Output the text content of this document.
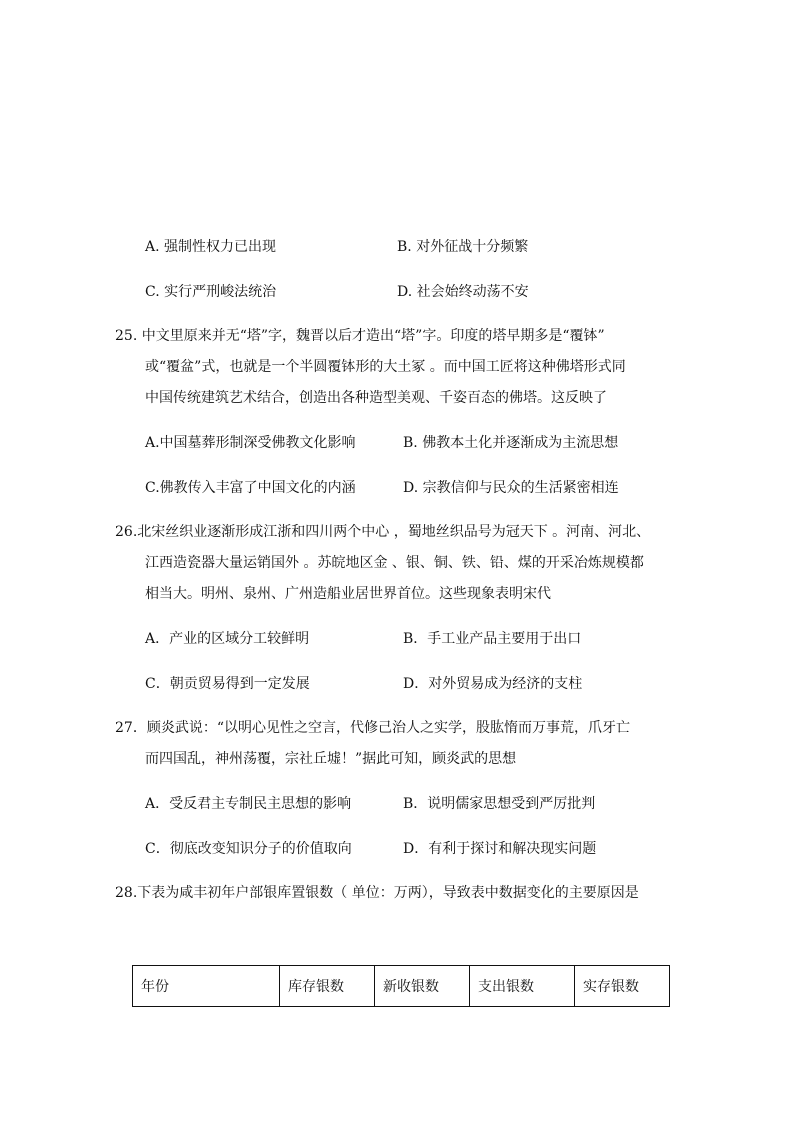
A. 强制性权力已出现	B. 对外征战十分频繁
C. 实行严刑峻法统治	D. 社会始终动荡不安
25. 中文里原来并无“塔”字，魏晋以后才造出“塔”字。印度的塔早期多是“覆钵”
或“覆盆”式，也就是一个半圆覆钵形的大土冢 。而中国工匠将这种佛塔形式同
中国传统建筑艺术结合，创造出各种造型美观、千姿百态的佛塔。这反映了
A.中国墓葬形制深受佛教文化影响	B. 佛教本土化并逐渐成为主流思想
C.佛教传入丰富了中国文化的内涵	D. 宗教信仰与民众的生活紧密相连
26.北宋丝织业逐渐形成江浙和四川两个中心 ，蜀地丝织品号为冠天下 。河南、河北、
江西造瓷器大量运销国外 。苏皖地区金 、银、铜、铁、铅、煤的开采冶炼规模都
相当大。明州、泉州、广州造船业居世界首位。这些现象表明宋代
A．产业的区域分工较鲜明	B．手工业产品主要用于出口
C．朝贡贸易得到一定发展	D．对外贸易成为经济的支柱
27．顾炎武说：“以明心见性之空言，代修己治人之实学，股肱惰而万事荒，爪牙亡
而四国乱，神州荡覆，宗社丘墟！”据此可知，顾炎武的思想
A．受反君主专制民主思想的影响	B．说明儒家思想受到严厉批判
C．彻底改变知识分子的价值取向	D．有利于探讨和解决现实问题
28.下表为咸丰初年户部银库置银数（ 单位：万两），导致表中数据变化的主要原因是
年份	库存银数	新收银数	支出银数	实存银数
